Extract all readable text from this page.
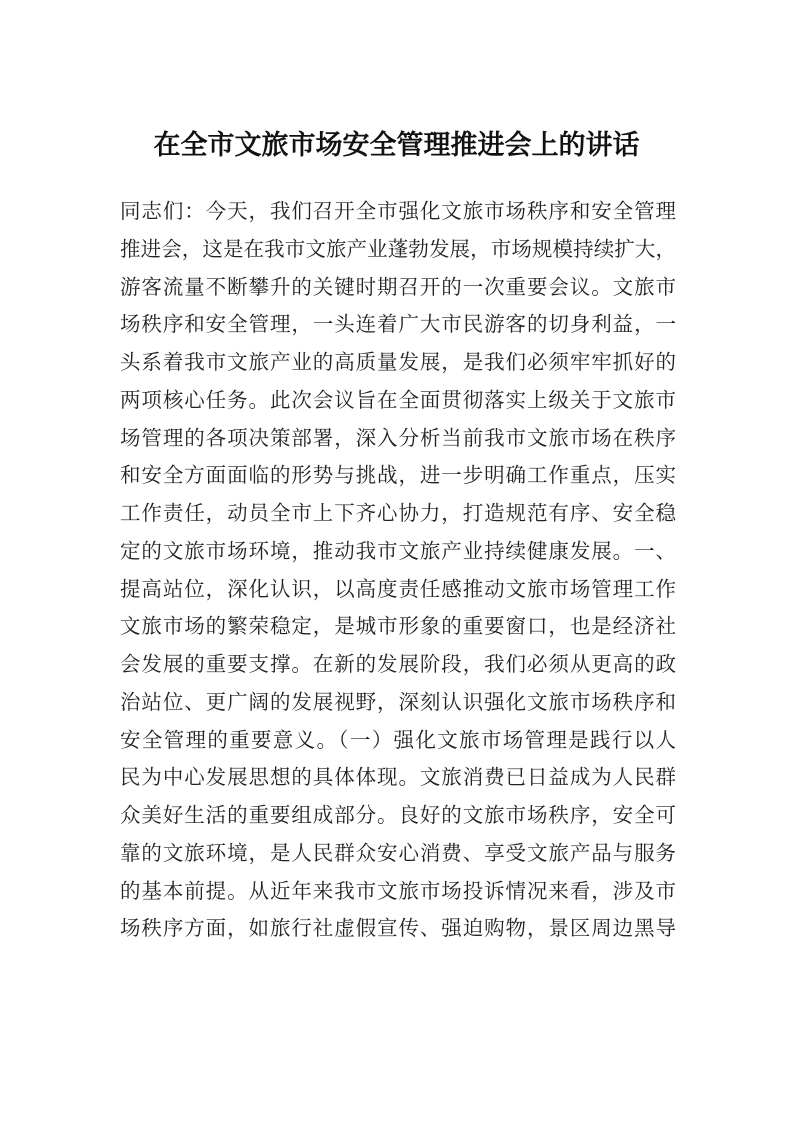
在全市文旅市场安全管理推进会上的讲话
同志们：今天，我们召开全市强化文旅市场秩序和安全管理
推进会，这是在我市文旅产业蓬勃发展，市场规模持续扩大，
游客流量不断攀升的关键时期召开的一次重要会议。文旅市
场秩序和安全管理，一头连着广大市民游客的切身利益，一
头系着我市文旅产业的高质量发展，是我们必须牢牢抓好的
两项核心任务。此次会议旨在全面贯彻落实上级关于文旅市
场管理的各项决策部署，深入分析当前我市文旅市场在秩序
和安全方面面临的形势与挑战，进一步明确工作重点，压实
工作责任，动员全市上下齐心协力，打造规范有序、安全稳
定的文旅市场环境，推动我市文旅产业持续健康发展。一、
提高站位，深化认识，以高度责任感推动文旅市场管理工作
文旅市场的繁荣稳定，是城市形象的重要窗口，也是经济社
会发展的重要支撑。在新的发展阶段，我们必须从更高的政
治站位、更广阔的发展视野，深刻认识强化文旅市场秩序和
安全管理的重要意义。（一）强化文旅市场管理是践行以人
民为中心发展思想的具体体现。文旅消费已日益成为人民群
众美好生活的重要组成部分。良好的文旅市场秩序，安全可
靠的文旅环境，是人民群众安心消费、享受文旅产品与服务
的基本前提。从近年来我市文旅市场投诉情况来看，涉及市
场秩序方面，如旅行社虚假宣传、强迫购物，景区周边黑导
